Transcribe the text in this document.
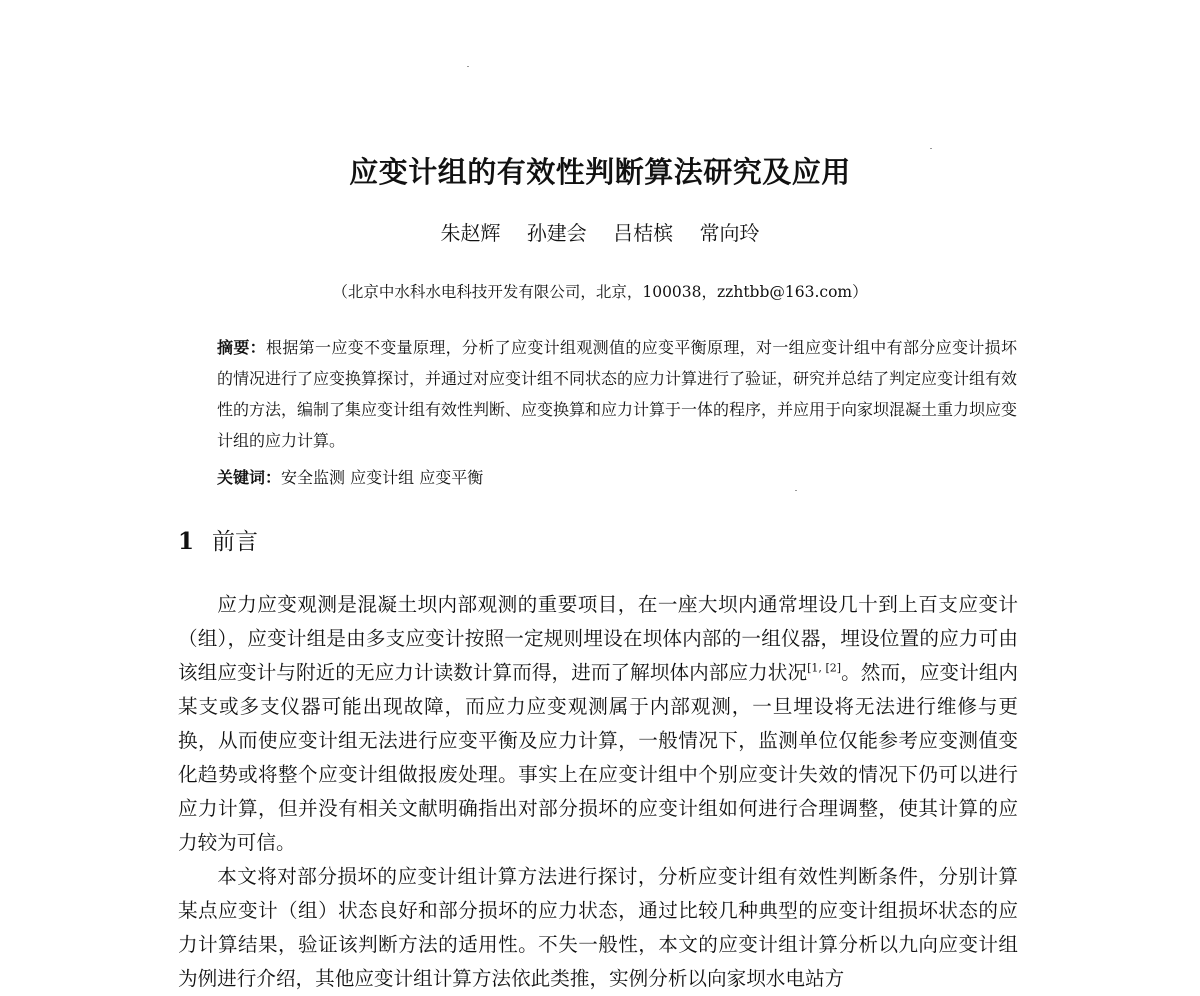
应变计组的有效性判断算法研究及应用
朱赵辉 孙建会 吕桔槟 常向玲
（北京中水科水电科技开发有限公司，北京，100038，zzhtbb@163.com）
摘要：根据第一应变不变量原理，分析了应变计组观测值的应变平衡原理，对一组应变计组中有部分应变计损坏的情况进行了应变换算探讨，并通过对应变计组不同状态的应力计算进行了验证，研究并总结了判定应变计组有效性的方法，编制了集应变计组有效性判断、应变换算和应力计算于一体的程序，并应用于向家坝混凝土重力坝应变计组的应力计算。
关键词：安全监测 应变计组 应变平衡
1 前言

应力应变观测是混凝土坝内部观测的重要项目，在一座大坝内通常埋设几十到上百支应变计（组），应变计组是由多支应变计按照一定规则埋设在坝体内部的一组仪器，埋设位置的应力可由该组应变计与附近的无应力计读数计算而得，进而了解坝体内部应力状况[1, [2]。然而，应变计组内某支或多支仪器可能出现故障，而应力应变观测属于内部观测，一旦埋设将无法进行维修与更换，从而使应变计组无法进行应变平衡及应力计算，一般情况下，监测单位仅能参考应变测值变化趋势或将整个应变计组做报废处理。事实上在应变计组中个别应变计失效的情况下仍可以进行应力计算，但并没有相关文献明确指出对部分损坏的应变计组如何进行合理调整，使其计算的应力较为可信。

本文将对部分损坏的应变计组计算方法进行探讨，分析应变计组有效性判断条件，分别计算某点应变计（组）状态良好和部分损坏的应力状态，通过比较几种典型的应变计组损坏状态的应力计算结果，验证该判断方法的适用性。不失一般性，本文的应变计组计算分析以九向应变计组为例进行介绍，其他应变计组计算方法依此类推，实例分析以向家坝水电站方
